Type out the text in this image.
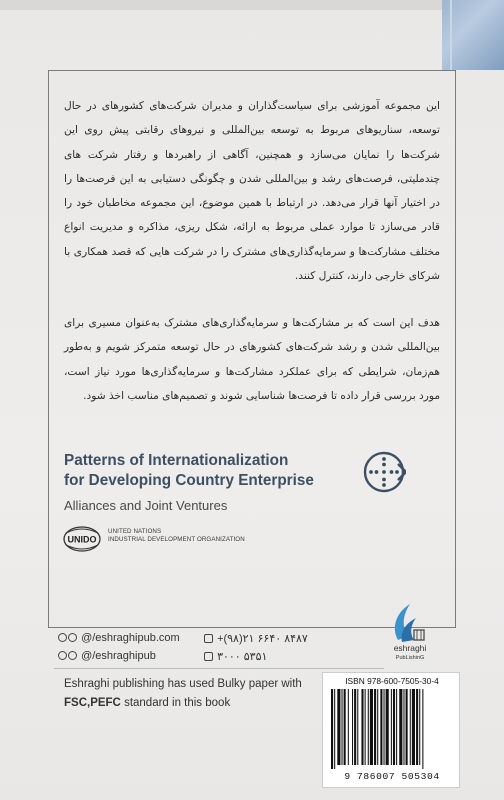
این مجموعه آموزشی برای سیاست‌گذاران و مدیران شرکت‌های کشورهای در حال توسعه، سناریوهای مربوط به توسعه بین‌المللی و نیروهای رقابتی پیش روی این شرکت‌ها را نمایان می‌سازد و همچنین، آگاهی از راهبردها و رفتار شرکت های چندملیتی، فرصت‌های رشد و بین‌المللی شدن و چگونگی دستیابی به این فرصت‌ها را در اختیار آنها قرار می‌دهد. در ارتباط با همین موضوع، این مجموعه مخاطبان خود را قادر می‌سازد تا موارد عملی مربوط به ارائه، شکل ریزی، مذاکره و مدیریت انواع مختلف مشارکت‌ها و سرمایه‌گذاری‌های مشترک را در شرکت هایی که قصد همکاری با شرکای خارجی دارند، کنترل کنند.

هدف این است که بر مشارکت‌ها و سرمایه‌گذاری‌های مشترک به‌عنوان مسیری برای بین‌المللی شدن و رشد شرکت‌های کشورهای در حال توسعه متمرکز شویم و به‌طور هم‌زمان، شرایطی که برای عملکرد مشارکت‌ها و سرمایه‌گذاری‌ها مورد نیاز است، مورد بررسی قرار داده تا فرصت‌ها شناسایی شوند و تصمیم‌های مناسب اخذ شود.

Patterns of Internationalization
for Developing Country Enterprise
Alliances and Joint Ventures
UNIDO
UNITED NATIONS
INDUSTRIAL DEVELOPMENT ORGANIZATION
@/eshraghipub.com
@/eshraghipub
+(۹۸)۲۱ ۶۶۴۰ ۸۴۸۷
۳۰۰۰ ۵۳۵۱
eshraghi
PubLishinG
Eshraghi publishing has used Bulky paper with
FSC,PEFC standard in this book
ISBN 978-600-7505-30-4
9 786007 505304
